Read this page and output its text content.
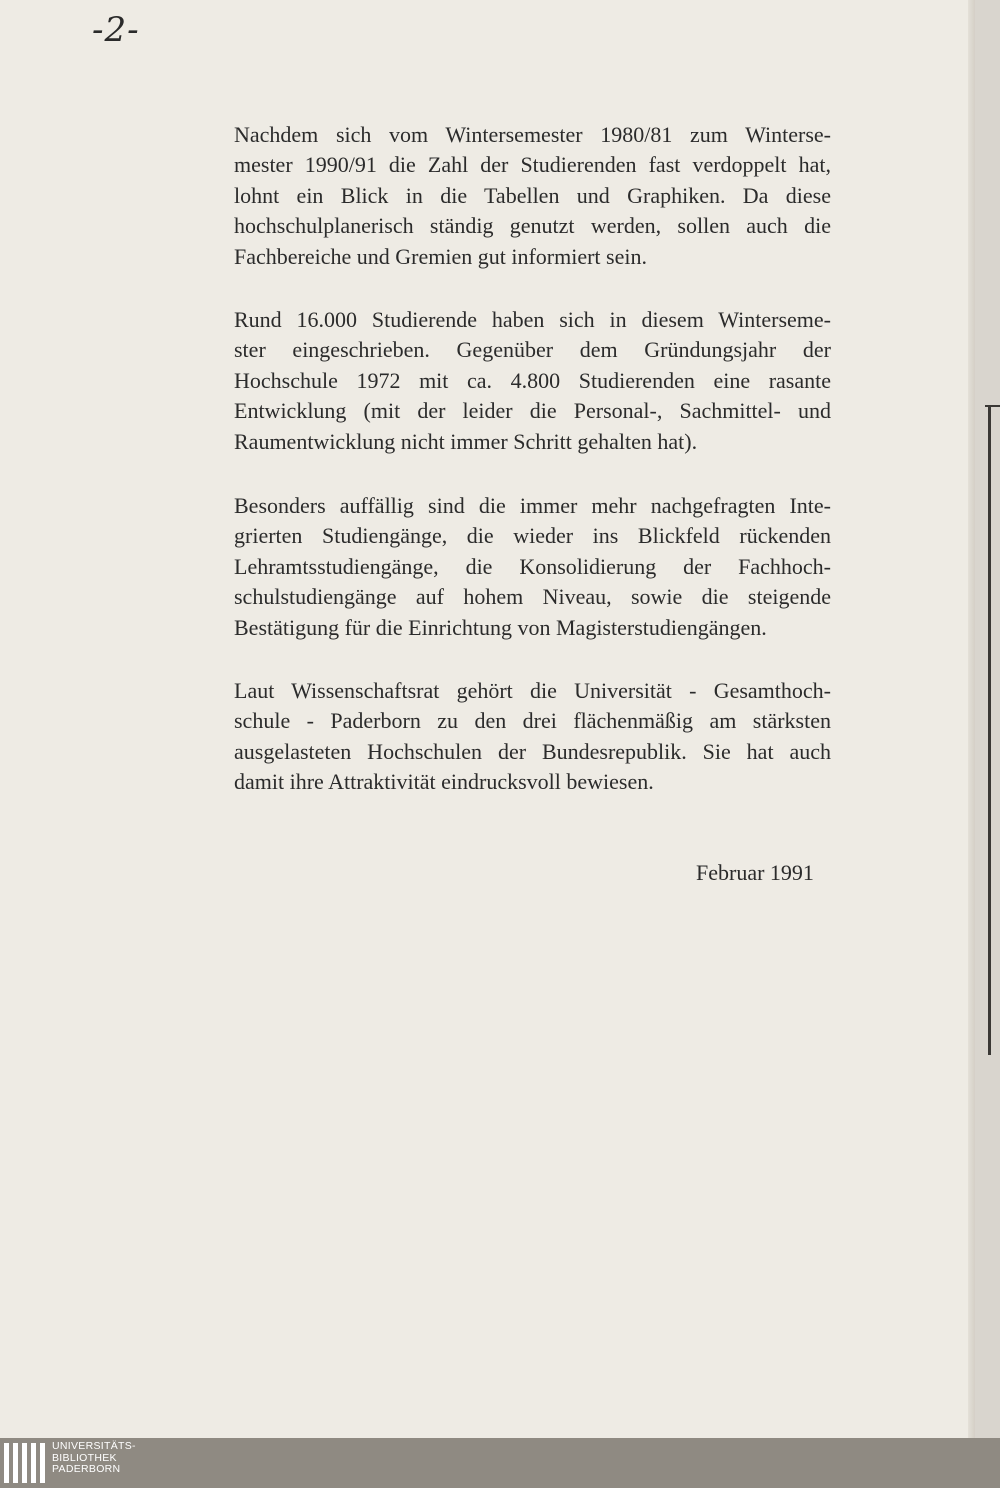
-2-
Nachdem sich vom Wintersemester 1980/81 zum Winterse-
mester 1990/91 die Zahl der Studierenden fast verdoppelt hat,
lohnt ein Blick in die Tabellen und Graphiken. Da diese
hochschulplanerisch ständig genutzt werden, sollen auch die
Fachbereiche und Gremien gut informiert sein.
Rund 16.000 Studierende haben sich in diesem Winterseme-
ster eingeschrieben. Gegenüber dem Gründungsjahr der
Hochschule 1972 mit ca. 4.800 Studierenden eine rasante
Entwicklung (mit der leider die Personal-, Sachmittel- und
Raumentwicklung nicht immer Schritt gehalten hat).
Besonders auffällig sind die immer mehr nachgefragten Inte-
grierten Studiengänge, die wieder ins Blickfeld rückenden
Lehramtsstudiengänge, die Konsolidierung der Fachhoch-
schulstudiengänge auf hohem Niveau, sowie die steigende
Bestätigung für die Einrichtung von Magisterstudiengängen.
Laut Wissenschaftsrat gehört die Universität - Gesamthoch-
schule - Paderborn zu den drei flächenmäßig am stärksten
ausgelasteten Hochschulen der Bundesrepublik. Sie hat auch
damit ihre Attraktivität eindrucksvoll bewiesen.
Februar 1991
UNIVERSITÄTS-
BIBLIOTHEK
PADERBORN
